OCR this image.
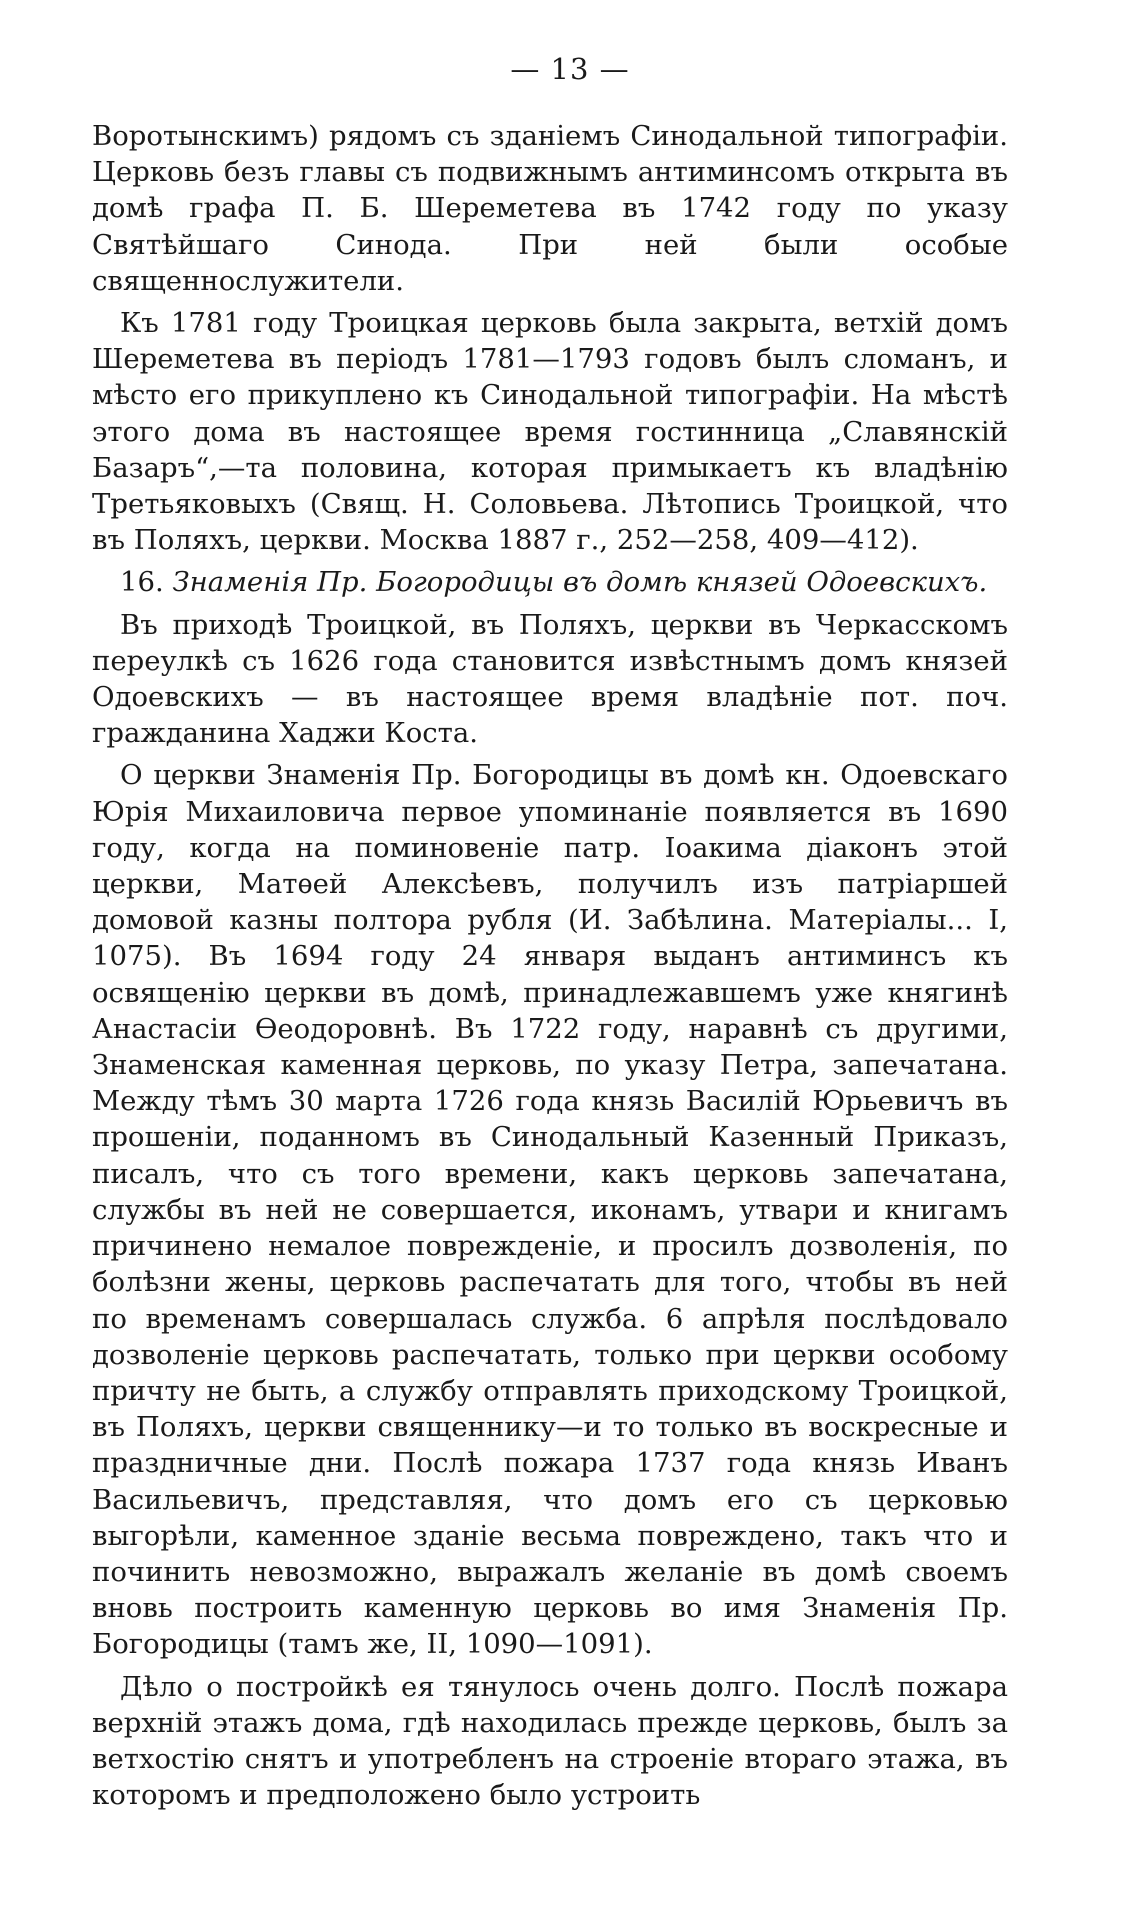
— 13 —

Воротынскимъ) рядомъ съ зданіемъ Синодальной типографіи. Церковь безъ главы съ подвижнымъ антиминсомъ открыта въ домѣ графа П. Б. Шереметева въ 1742 году по указу Святѣйшаго Синода. При ней были особые священнослужители.

Къ 1781 году Троицкая церковь была закрыта, ветхій домъ Шереметева въ періодъ 1781—1793 годовъ былъ сломанъ, и мѣсто его прикуплено къ Синодальной типографіи. На мѣстѣ этого дома въ настоящее время гостинница „Славянскій Базаръ“,—та половина, которая примыкаетъ къ владѣнію Третьяковыхъ (Свящ. Н. Соловьева. Лѣтопись Троицкой, что въ Поляхъ, церкви. Москва 1887 г., 252—258, 409—412).

16. Знаменія Пр. Богородицы въ домѣ князей Одоевскихъ.

Въ приходѣ Троицкой, въ Поляхъ, церкви въ Черкасскомъ переулкѣ съ 1626 года становится извѣстнымъ домъ князей Одоевскихъ — въ настоящее время владѣніе пот. поч. гражданина Хаджи Коста.

О церкви Знаменія Пр. Богородицы въ домѣ кн. Одоевскаго Юрія Михаиловича первое упоминаніе появляется въ 1690 году, когда на поминовеніе патр. Іоакима діаконъ этой церкви, Матѳей Алексѣевъ, получилъ изъ патріаршей домовой казны полтора рубля (И. Забѣлина. Матеріалы... I, 1075). Въ 1694 году 24 января выданъ антиминсъ къ освященію церкви въ домѣ, принадлежавшемъ уже княгинѣ Анастасіи Ѳеодоровнѣ. Въ 1722 году, наравнѣ съ другими, Знаменская каменная церковь, по указу Петра, запечатана. Между тѣмъ 30 марта 1726 года князь Василій Юрьевичъ въ прошеніи, поданномъ въ Синодальный Казенный Приказъ, писалъ, что съ того времени, какъ церковь запечатана, службы въ ней не совершается, иконамъ, утвари и книгамъ причинено немалое поврежденіе, и просилъ дозволенія, по болѣзни жены, церковь распечатать для того, чтобы въ ней по временамъ совершалась служба. 6 апрѣля послѣдовало дозволеніе церковь распечатать, только при церкви особому причту не быть, а службу отправлять приходскому Троицкой, въ Поляхъ, церкви священнику—и то только въ воскресные и праздничные дни. Послѣ пожара 1737 года князь Иванъ Васильевичъ, представляя, что домъ его съ церковью выгорѣли, каменное зданіе весьма повреждено, такъ что и починить невозможно, выражалъ желаніе въ домѣ своемъ вновь построить каменную церковь во имя Знаменія Пр. Богородицы (тамъ же, II, 1090—1091).

Дѣло о постройкѣ ея тянулось очень долго. Послѣ пожара верхній этажъ дома, гдѣ находилась прежде церковь, былъ за ветхостію снятъ и употребленъ на строеніе втораго этажа, въ которомъ и предположено было устроить
